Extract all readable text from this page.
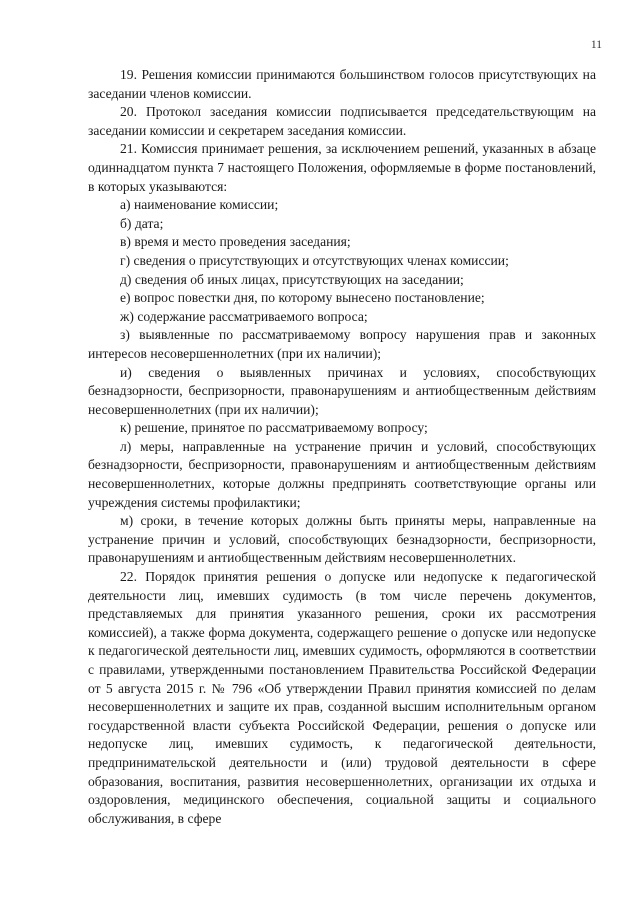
11

19. Решения комиссии принимаются большинством голосов присутствующих на заседании членов комиссии.

20. Протокол заседания комиссии подписывается председательствующим на заседании комиссии и секретарем заседания комиссии.

21. Комиссия принимает решения, за исключением решений, указанных в абзаце одиннадцатом пункта 7 настоящего Положения, оформляемые в форме постановлений, в которых указываются:

а) наименование комиссии;

б) дата;

в) время и место проведения заседания;

г) сведения о присутствующих и отсутствующих членах комиссии;

д) сведения об иных лицах, присутствующих на заседании;

е) вопрос повестки дня, по которому вынесено постановление;

ж) содержание рассматриваемого вопроса;

з) выявленные по рассматриваемому вопросу нарушения прав и законных интересов несовершеннолетних (при их наличии);

и) сведения о выявленных причинах и условиях, способствующих безнадзорности, беспризорности, правонарушениям и антиобщественным действиям несовершеннолетних (при их наличии);

к) решение, принятое по рассматриваемому вопросу;

л) меры, направленные на устранение причин и условий, способствующих безнадзорности, беспризорности, правонарушениям и антиобщественным действиям несовершеннолетних, которые должны предпринять соответствующие органы или учреждения системы профилактики;

м) сроки, в течение которых должны быть приняты меры, направленные на устранение причин и условий, способствующих безнадзорности, беспризорности, правонарушениям и антиобщественным действиям несовершеннолетних.

22. Порядок принятия решения о допуске или недопуске к педагогической деятельности лиц, имевших судимость (в том числе перечень документов, представляемых для принятия указанного решения, сроки их рассмотрения комиссией), а также форма документа, содержащего решение о допуске или недопуске к педагогической деятельности лиц, имевших судимость, оформляются в соответствии с правилами, утвержденными постановлением Правительства Российской Федерации от 5 августа 2015 г. № 796 «Об утверждении Правил принятия комиссией по делам несовершеннолетних и защите их прав, созданной высшим исполнительным органом государственной власти субъекта Российской Федерации, решения о допуске или недопуске лиц, имевших судимость, к педагогической деятельности, предпринимательской деятельности и (или) трудовой деятельности в сфере образования, воспитания, развития несовершеннолетних, организации их отдыха и оздоровления, медицинского обеспечения, социальной защиты и социального обслуживания, в сфере
